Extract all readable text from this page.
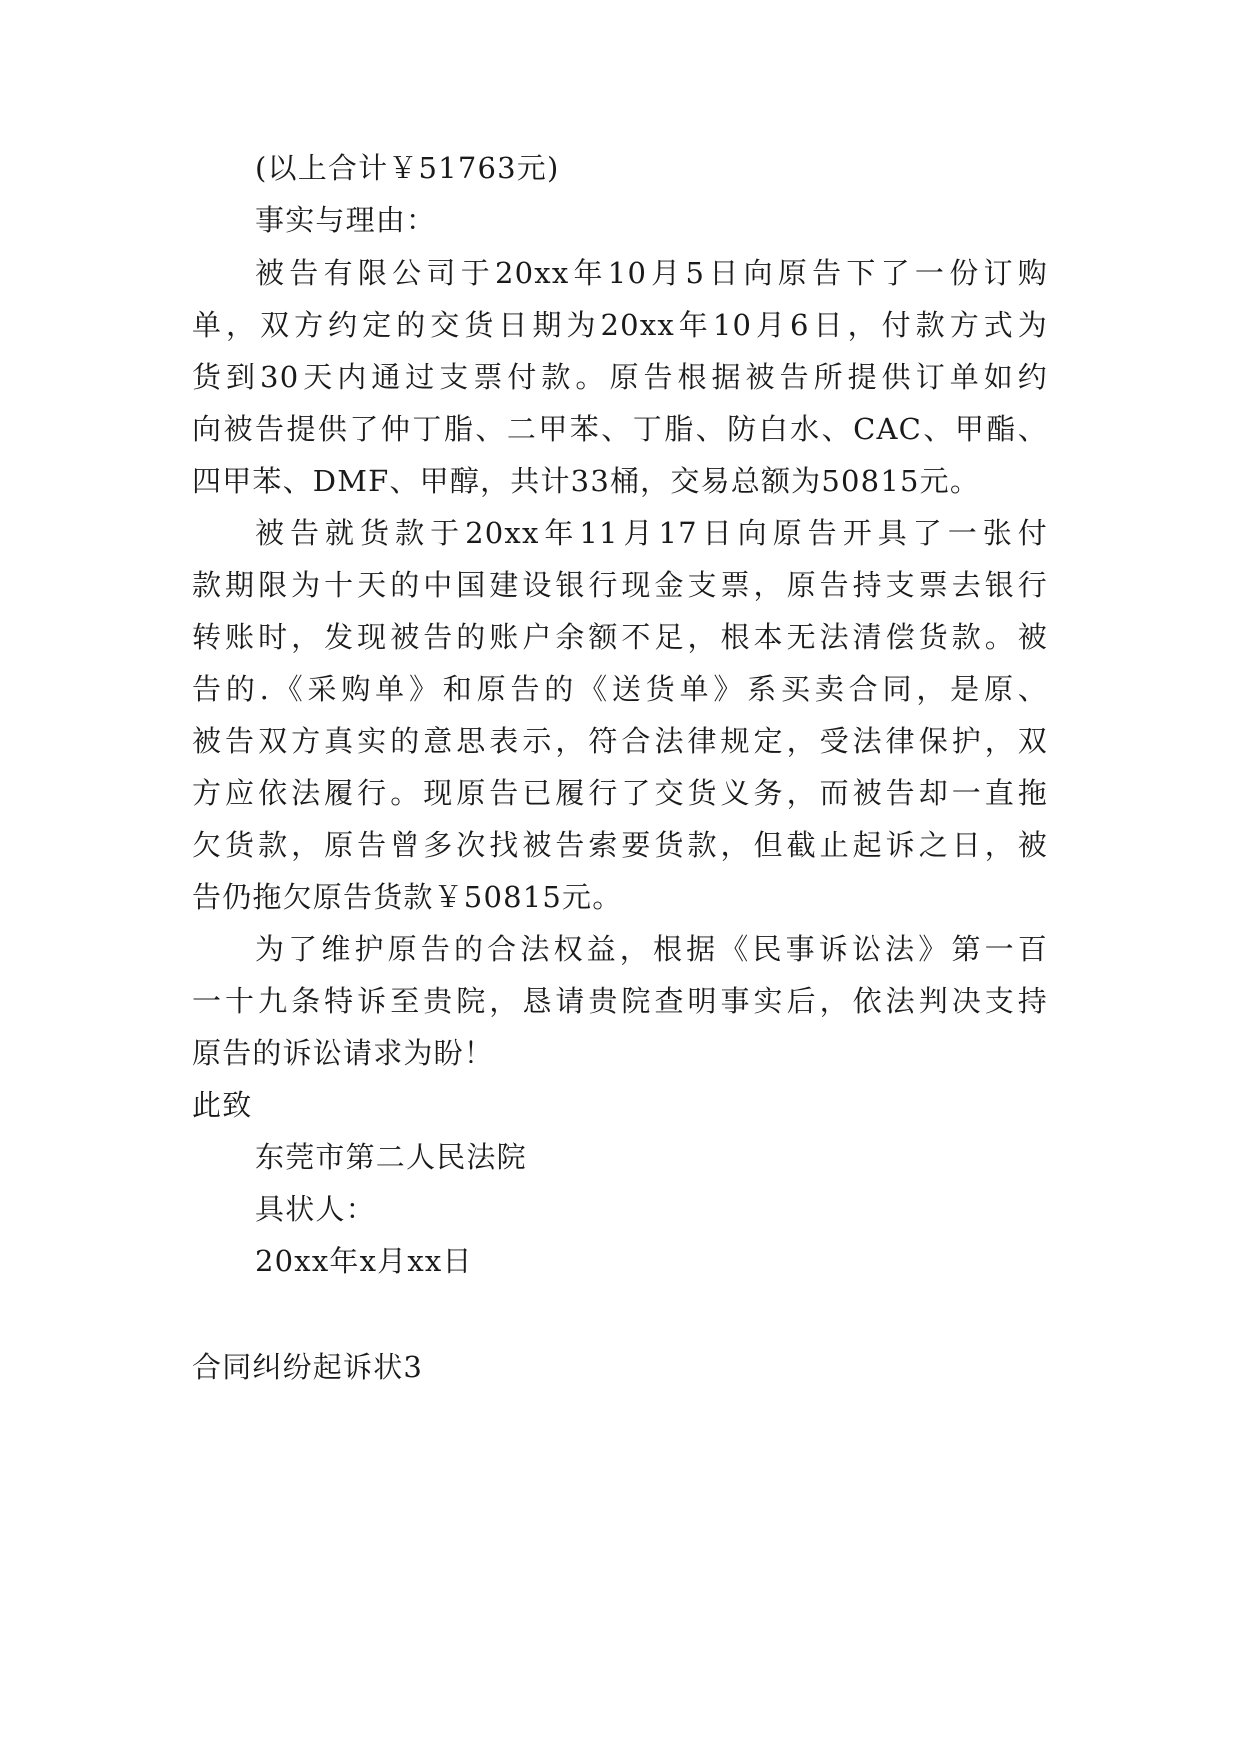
(以上合计￥51763元)
事实与理由：
被告有限公司于20xx年10月5日向原告下了一份订购
单，双方约定的交货日期为20xx年10月6日，付款方式为
货到30天内通过支票付款。原告根据被告所提供订单如约
向被告提供了仲丁脂、二甲苯、丁脂、防白水、CAC、甲酯、
四甲苯、DMF、甲醇，共计33桶，交易总额为50815元。
被告就货款于20xx年11月17日向原告开具了一张付
款期限为十天的中国建设银行现金支票，原告持支票去银行
转账时，发现被告的账户余额不足，根本无法清偿货款。被
告的.《采购单》和原告的《送货单》系买卖合同，是原、
被告双方真实的意思表示，符合法律规定，受法律保护，双
方应依法履行。现原告已履行了交货义务，而被告却一直拖
欠货款，原告曾多次找被告索要货款，但截止起诉之日，被
告仍拖欠原告货款￥50815元。
为了维护原告的合法权益，根据《民事诉讼法》第一百
一十九条特诉至贵院，恳请贵院查明事实后，依法判决支持
原告的诉讼请求为盼！
此致
东莞市第二人民法院
具状人：
20xx年x月xx日
合同纠纷起诉状3
